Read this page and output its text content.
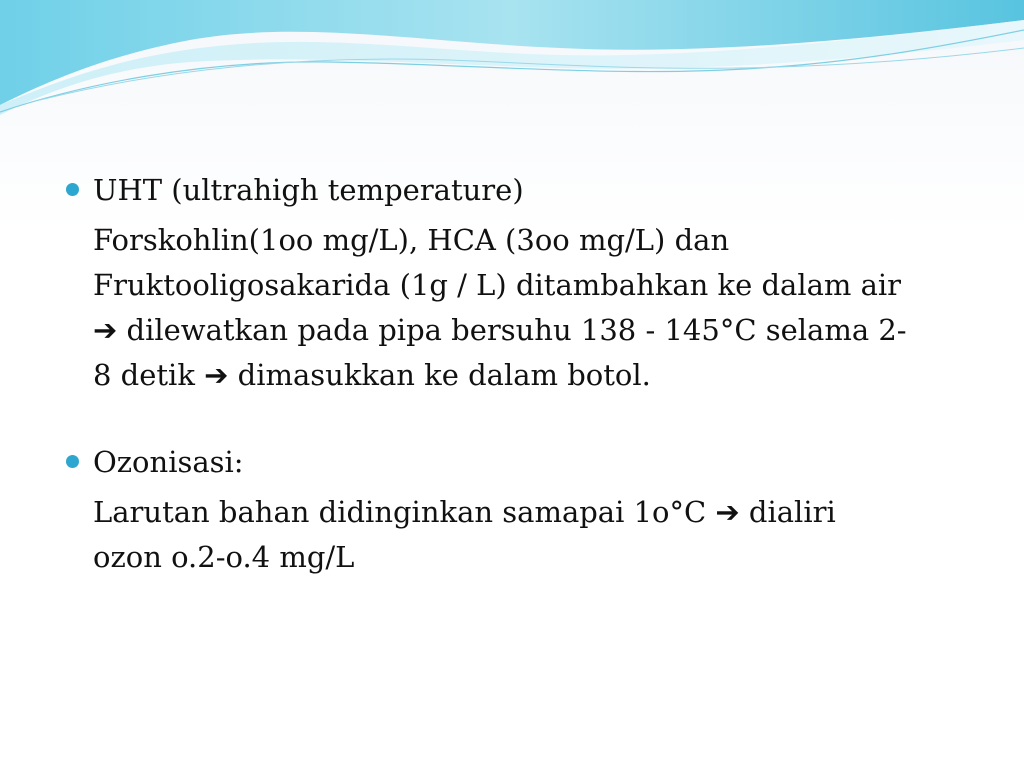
UHT (ultrahigh temperature)
Forskohlin(1oo mg/L), HCA (3oo mg/L) dan
Fruktooligosakarida (1g / L) ditambahkan ke dalam air
➔ dilewatkan pada pipa bersuhu 138 - 145°C selama 2-
8 detik ➔ dimasukkan ke dalam botol.
Ozonisasi:
Larutan bahan didinginkan samapai 1o°C ➔ dialiri
ozon o.2-o.4 mg/L
